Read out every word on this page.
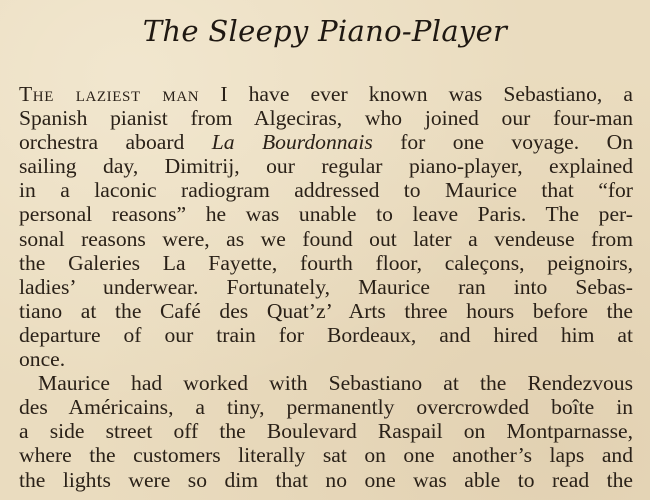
The Sleepy Piano-Player
The laziest man I have ever known was Sebastiano, a
Spanish pianist from Algeciras, who joined our four-man
orchestra aboard La Bourdonnais for one voyage. On
sailing day, Dimitrij, our regular piano-player, explained
in a laconic radiogram addressed to Maurice that “for
personal reasons” he was unable to leave Paris. The per-
sonal reasons were, as we found out later a vendeuse from
the Galeries La Fayette, fourth floor, caleçons, peignoirs,
ladies’ underwear. Fortunately, Maurice ran into Sebas-
tiano at the Café des Quat’z’ Arts three hours before the
departure of our train for Bordeaux, and hired him at
once.
Maurice had worked with Sebastiano at the Rendezvous
des Américains, a tiny, permanently overcrowded boîte in
a side street off the Boulevard Raspail on Montparnasse,
where the customers literally sat on one another’s laps and
the lights were so dim that no one was able to read the
